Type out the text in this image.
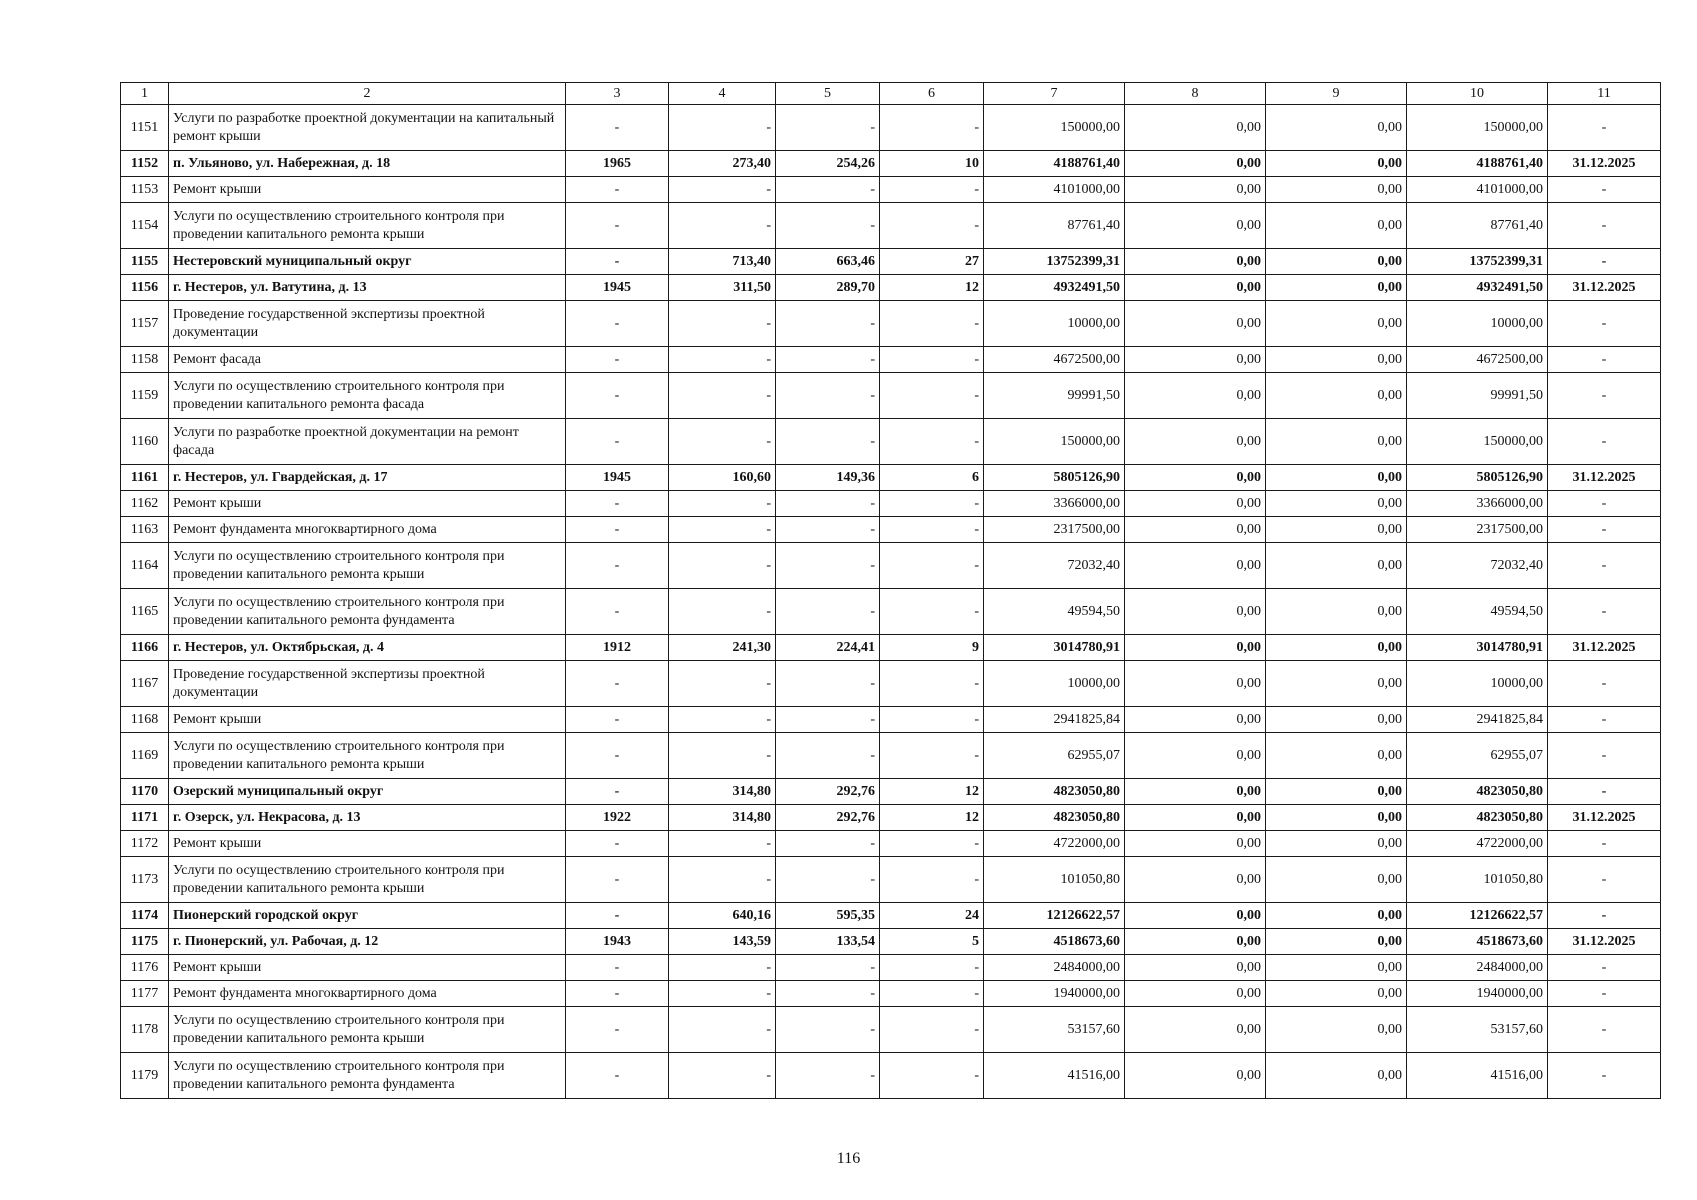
1	2	3	4	5	6	7	8	9	10	11
1151	Услуги по разработке проектной документации на капитальный ремонт крыши	-	-	-	-	150000,00	0,00	0,00	150000,00	-
1152	п. Ульяново, ул. Набережная, д. 18	1965	273,40	254,26	10	4188761,40	0,00	0,00	4188761,40	31.12.2025
1153	Ремонт крыши	-	-	-	-	4101000,00	0,00	0,00	4101000,00	-
1154	Услуги по осуществлению строительного контроля при проведении капитального ремонта крыши	-	-	-	-	87761,40	0,00	0,00	87761,40	-
1155	Нестеровский муниципальный округ	-	713,40	663,46	27	13752399,31	0,00	0,00	13752399,31	-
1156	г. Нестеров, ул. Ватутина, д. 13	1945	311,50	289,70	12	4932491,50	0,00	0,00	4932491,50	31.12.2025
1157	Проведение государственной экспертизы проектной документации	-	-	-	-	10000,00	0,00	0,00	10000,00	-
1158	Ремонт фасада	-	-	-	-	4672500,00	0,00	0,00	4672500,00	-
1159	Услуги по осуществлению строительного контроля при проведении капитального ремонта фасада	-	-	-	-	99991,50	0,00	0,00	99991,50	-
1160	Услуги по разработке проектной документации на ремонт фасада	-	-	-	-	150000,00	0,00	0,00	150000,00	-
1161	г. Нестеров, ул. Гвардейская, д. 17	1945	160,60	149,36	6	5805126,90	0,00	0,00	5805126,90	31.12.2025
1162	Ремонт крыши	-	-	-	-	3366000,00	0,00	0,00	3366000,00	-
1163	Ремонт фундамента многоквартирного дома	-	-	-	-	2317500,00	0,00	0,00	2317500,00	-
1164	Услуги по осуществлению строительного контроля при проведении капитального ремонта крыши	-	-	-	-	72032,40	0,00	0,00	72032,40	-
1165	Услуги по осуществлению строительного контроля при проведении капитального ремонта фундамента	-	-	-	-	49594,50	0,00	0,00	49594,50	-
1166	г. Нестеров, ул. Октябрьская, д. 4	1912	241,30	224,41	9	3014780,91	0,00	0,00	3014780,91	31.12.2025
1167	Проведение государственной экспертизы проектной документации	-	-	-	-	10000,00	0,00	0,00	10000,00	-
1168	Ремонт крыши	-	-	-	-	2941825,84	0,00	0,00	2941825,84	-
1169	Услуги по осуществлению строительного контроля при проведении капитального ремонта крыши	-	-	-	-	62955,07	0,00	0,00	62955,07	-
1170	Озерский муниципальный округ	-	314,80	292,76	12	4823050,80	0,00	0,00	4823050,80	-
1171	г. Озерск, ул. Некрасова, д. 13	1922	314,80	292,76	12	4823050,80	0,00	0,00	4823050,80	31.12.2025
1172	Ремонт крыши	-	-	-	-	4722000,00	0,00	0,00	4722000,00	-
1173	Услуги по осуществлению строительного контроля при проведении капитального ремонта крыши	-	-	-	-	101050,80	0,00	0,00	101050,80	-
1174	Пионерский городской округ	-	640,16	595,35	24	12126622,57	0,00	0,00	12126622,57	-
1175	г. Пионерский, ул. Рабочая, д. 12	1943	143,59	133,54	5	4518673,60	0,00	0,00	4518673,60	31.12.2025
1176	Ремонт крыши	-	-	-	-	2484000,00	0,00	0,00	2484000,00	-
1177	Ремонт фундамента многоквартирного дома	-	-	-	-	1940000,00	0,00	0,00	1940000,00	-
1178	Услуги по осуществлению строительного контроля при проведении капитального ремонта крыши	-	-	-	-	53157,60	0,00	0,00	53157,60	-
1179	Услуги по осуществлению строительного контроля при проведении капитального ремонта фундамента	-	-	-	-	41516,00	0,00	0,00	41516,00	-
116
